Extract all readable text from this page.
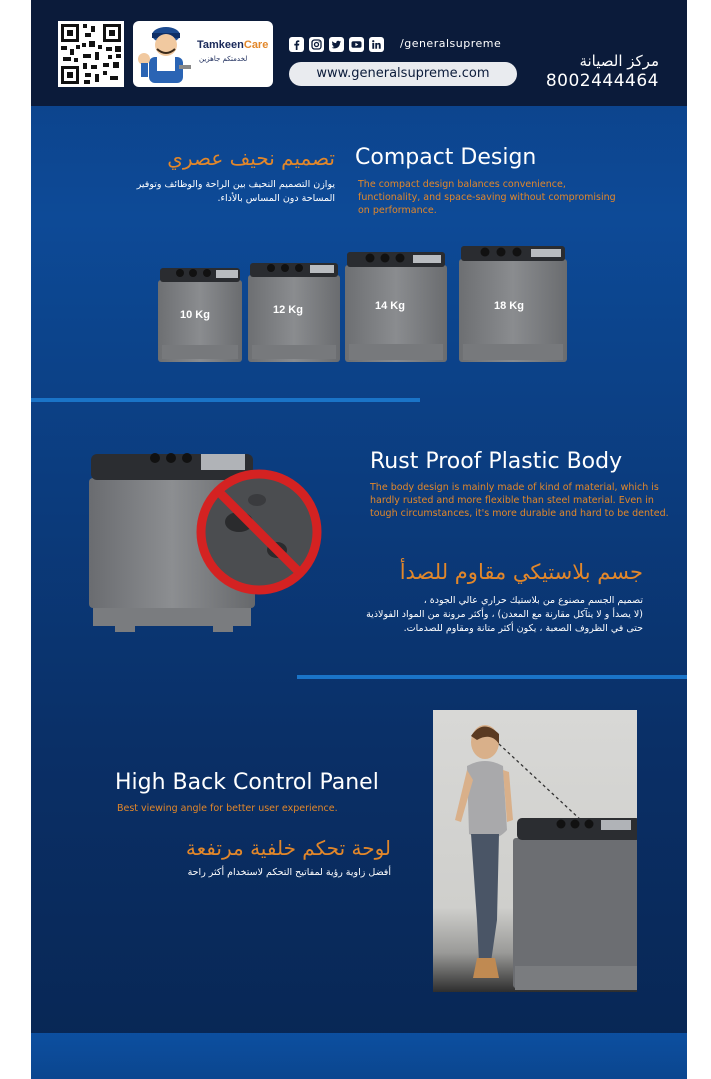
TamkeenCare
لخدمتكم جاهزين
/generalsupreme
www.generalsupreme.com
مركز الصيانة
8002444464
تصميم نحيف عصري
يوازن التصميم النحيف بين الراحة والوظائف وتوفير المساحة دون المساس بالأداء.
Compact Design
The compact design balances convenience, functionality, and space-saving without compromising on performance.
10 Kg	12 Kg	14 Kg	18 Kg
Rust Proof Plastic Body
The body design is mainly made of kind of material, which is hardly rusted and more flexible than steel material. Even in tough circumstances, it's more durable and hard to be dented.
جسم بلاستيكي مقاوم للصدأ
تصميم الجسم مصنوع من بلاستيك حراري عالي الجودة ،
(لا يصدأ و لا يتآكل مقارنة مع المعدن) ، وأكثر مرونة من المواد الفولاذية
حتى في الظروف الصعبة ، يكون أكثر متانة ومقاوم للصدمات.
High Back Control Panel
Best viewing angle for better user experience.
لوحة تحكم خلفية مرتفعة
أفضل زاوية رؤية لمفاتيح التحكم لاستخدام أكثر راحة
